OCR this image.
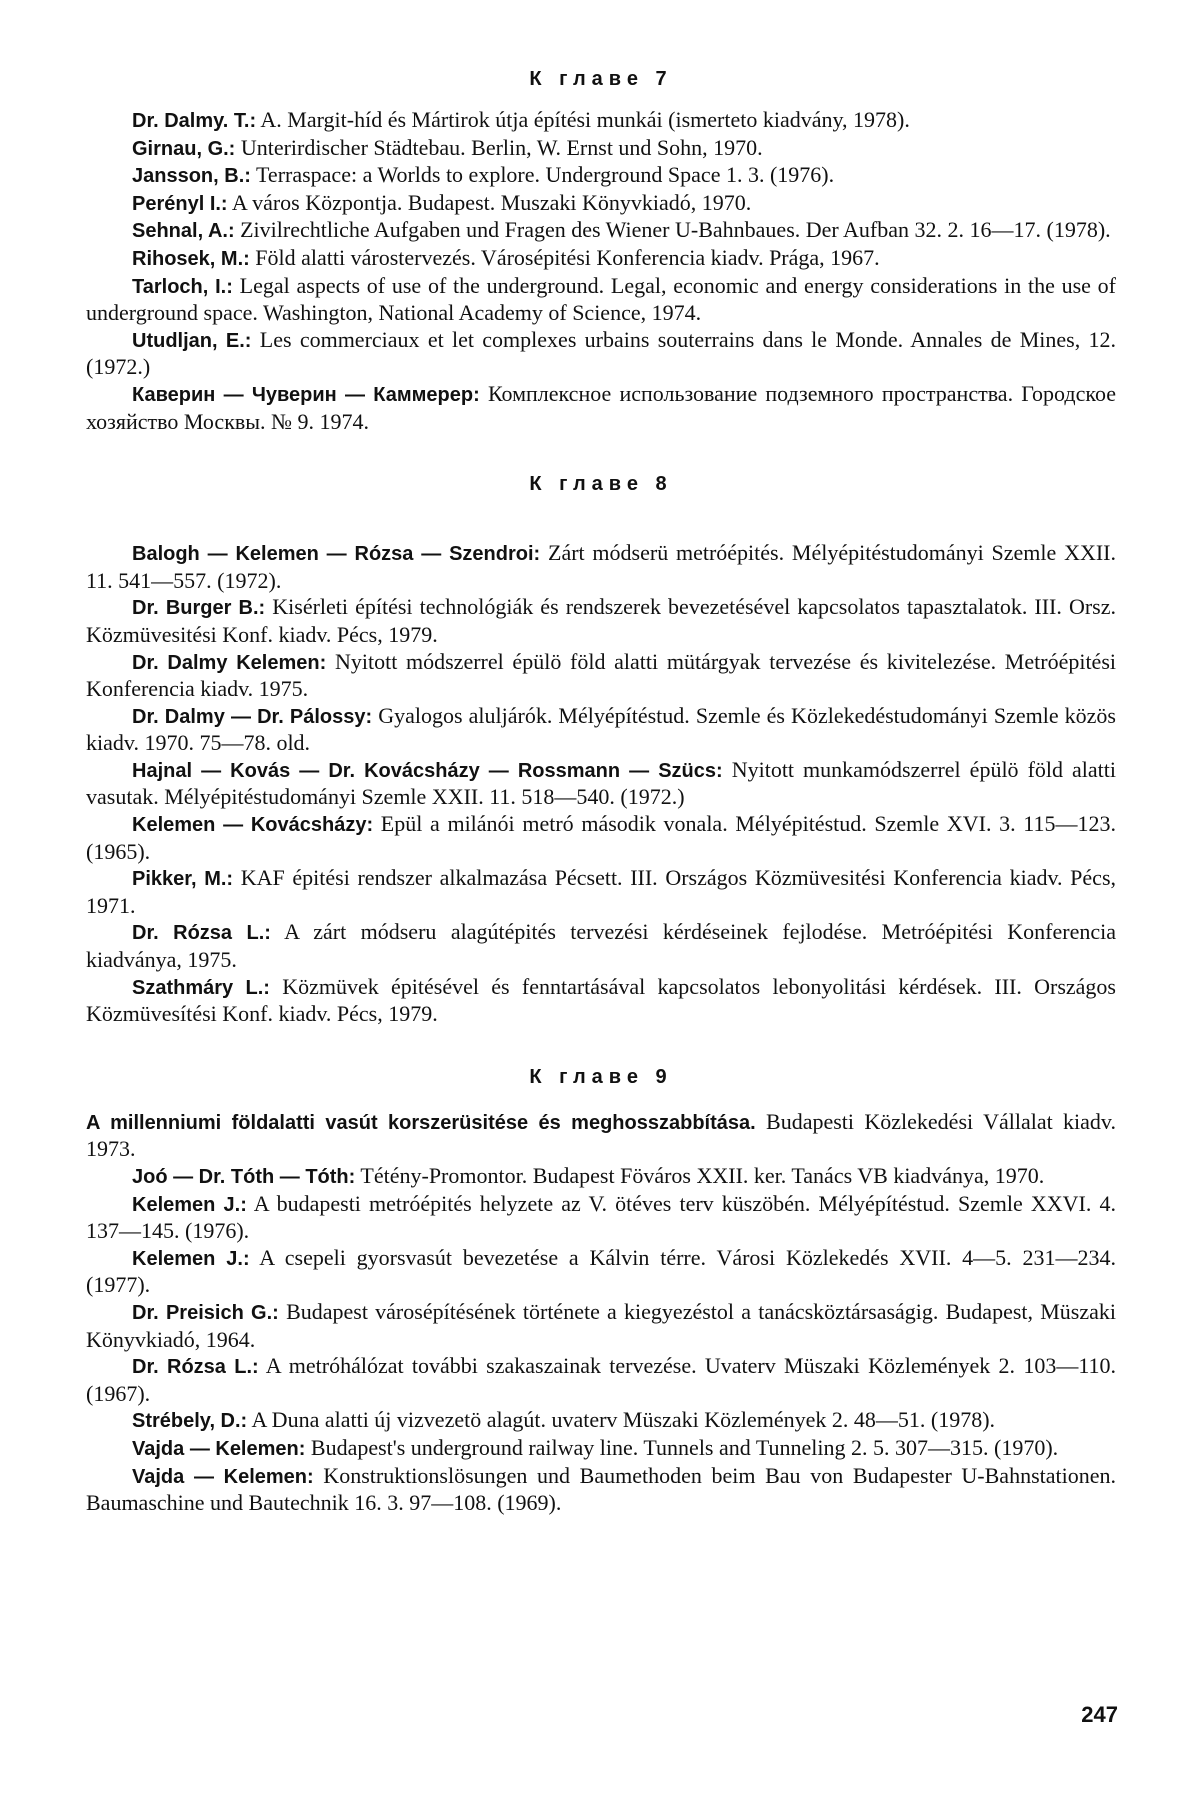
К главе 7

Dr. Dalmy. T.: A. Margit-híd és Mártirok útja építési munkái (ismerteto kiadvány, 1978).

Girnau, G.: Unterirdischer Städtebau. Berlin, W. Ernst und Sohn, 1970.

Jansson, B.: Terraspace: a Worlds to explore. Underground Space 1. 3. (1976).

Perényl I.: A város Központja. Budapest. Muszaki Könyvkiadó, 1970.

Sehnal, A.: Zivilrechtliche Aufgaben und Fragen des Wiener U-Bahnbaues. Der Aufban 32. 2. 16—17. (1978).

Rihosek, M.: Föld alatti várostervezés. Városépitési Konferencia kiadv. Prága, 1967.

Tarloch, I.: Legal aspects of use of the underground. Legal, economic and energy considerations in the use of underground space. Washington, National Academy of Science, 1974.

Utudljan, E.: Les commerciaux et let complexes urbains souterrains dans le Monde. Annales de Mines, 12. (1972.)

Каверин — Чуверин — Каммерер: Комплексное использование подземного пространства. Городское хозяйство Москвы. № 9. 1974.

К главе 8

Balogh — Kelemen — Rózsa — Szendroi: Zárt módserü metróépités. Mélyépitéstudományi Szemle XXII. 11. 541—557. (1972).

Dr. Burger B.: Kisérleti építési technológiák és rendszerek bevezetésével kapcsolatos tapasztalatok. III. Orsz. Közmüvesitési Konf. kiadv. Pécs, 1979.

Dr. Dalmy Kelemen: Nyitott módszerrel épülö föld alatti mütárgyak tervezése és kivitelezése. Metróépitési Konferencia kiadv. 1975.

Dr. Dalmy — Dr. Pálossy: Gyalogos aluljárók. Mélyépítéstud. Szemle és Közlekedéstudományi Szemle közös kiadv. 1970. 75—78. old.

Hajnal — Kovás — Dr. Kovácsházy — Rossmann — Szücs: Nyitott munkamódszerrel épülö föld alatti vasutak. Mélyépitéstudományi Szemle XXII. 11. 518—540. (1972.)

Kelemen — Kovácsházy: Epül a milánói metró második vonala. Mélyépitéstud. Szemle XVI. 3. 115—123. (1965).

Pikker, M.: KAF épitési rendszer alkalmazása Pécsett. III. Országos Közmüvesitési Konferencia kiadv. Pécs, 1971.

Dr. Rózsa L.: A zárt módseru alagútépités tervezési kérdéseinek fejlodése. Metróépitési Konferencia kiadványa, 1975.

Szathmáry L.: Közmüvek épitésével és fenntartásával kapcsolatos lebonyolitási kérdések. III. Országos Közmüvesítési Konf. kiadv. Pécs, 1979.

К главе 9

A millenniumi földalatti vasút korszerüsitése és meghosszabbítása. Budapesti Közlekedési Vállalat kiadv. 1973.

Joó — Dr. Tóth — Tóth: Tétény-Promontor. Budapest Föváros XXII. ker. Tanács VB kiadványa, 1970.

Kelemen J.: A budapesti metróépités helyzete az V. ötéves terv küszöbén. Mélyépítéstud. Szemle XXVI. 4. 137—145. (1976).

Kelemen J.: A csepeli gyorsvasút bevezetése a Kálvin térre. Városi Közlekedés XVII. 4—5. 231—234. (1977).

Dr. Preisich G.: Budapest városépítésének története a kiegyezéstol a tanácsköztársaságig. Budapest, Müszaki Könyvkiadó, 1964.

Dr. Rózsa L.: A metróhálózat további szakaszainak tervezése. Uvaterv Müszaki Közlemények 2. 103—110. (1967).

Strébely, D.: A Duna alatti új vizvezetö alagút. uvaterv Müszaki Közlemények 2. 48—51. (1978).

Vajda — Kelemen: Budapest's underground railway line. Tunnels and Tunneling 2. 5. 307—315. (1970).

Vajda — Kelemen: Konstruktionslösungen und Baumethoden beim Bau von Budapester U-Bahnstationen. Baumaschine und Bautechnik 16. 3. 97—108. (1969).

247
